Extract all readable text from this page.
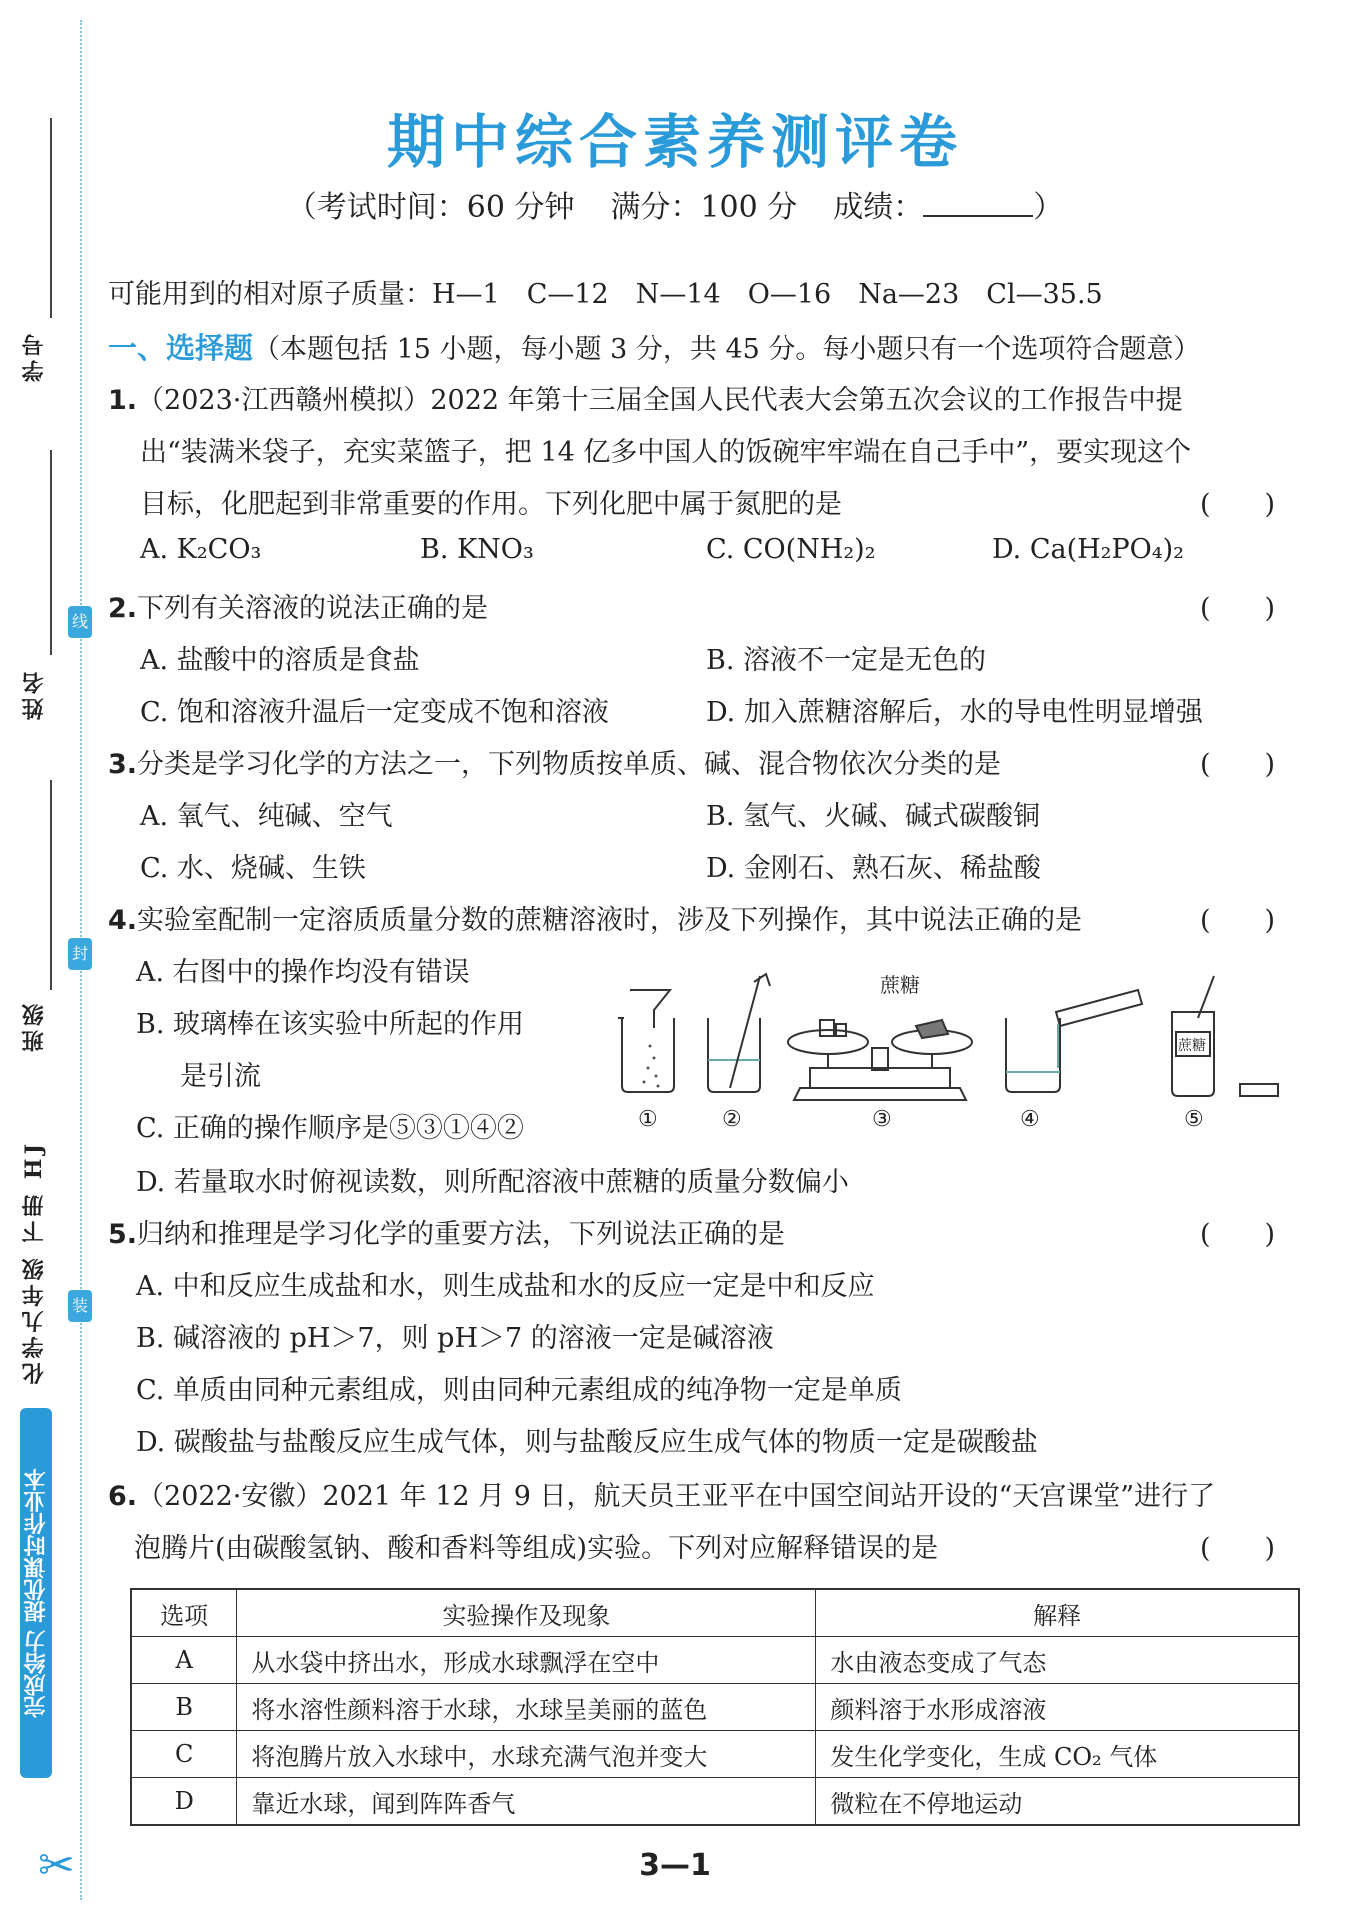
学号
姓名
线
班级
封
化学九年级 下册 HJ 装
完成给力 提优课时作业本
✂
期中综合素养测评卷
（考试时间：60 分钟 满分：100 分 成绩：	）
可能用到的相对原子质量：H—1　C—12　N—14　O—16　Na—23　Cl—35.5
一、选择题（本题包括 15 小题，每小题 3 分，共 45 分。每小题只有一个选项符合题意）
1.（2023·江西赣州模拟）2022 年第十三届全国人民代表大会第五次会议的工作报告中提
出“装满米袋子，充实菜篮子，把 14 亿多中国人的饭碗牢牢端在自己手中”，要实现这个
目标，化肥起到非常重要的作用。下列化肥中属于氮肥的是	(　　)
A. K₂CO₃	B. KNO₃	C. CO(NH₂)₂	D. Ca(H₂PO₄)₂
2.下列有关溶液的说法正确的是	(　　)
A. 盐酸中的溶质是食盐	B. 溶液不一定是无色的
C. 饱和溶液升温后一定变成不饱和溶液	D. 加入蔗糖溶解后，水的导电性明显增强
3.分类是学习化学的方法之一，下列物质按单质、碱、混合物依次分类的是	(　　)
A. 氧气、纯碱、空气	B. 氢气、火碱、碱式碳酸铜
C. 水、烧碱、生铁	D. 金刚石、熟石灰、稀盐酸
4.实验室配制一定溶质质量分数的蔗糖溶液时，涉及下列操作，其中说法正确的是	(　　)
A. 右图中的操作均没有错误
B. 玻璃棒在该实验中所起的作用
是引流
C. 正确的操作顺序是⑤③①④②
D. 若量取水时俯视读数，则所配溶液中蔗糖的质量分数偏小
蔗糖
蔗糖
①	②	③	④	⑤
5.归纳和推理是学习化学的重要方法，下列说法正确的是	(　　)
A. 中和反应生成盐和水，则生成盐和水的反应一定是中和反应
B. 碱溶液的 pH＞7，则 pH＞7 的溶液一定是碱溶液
C. 单质由同种元素组成，则由同种元素组成的纯净物一定是单质
D. 碳酸盐与盐酸反应生成气体，则与盐酸反应生成气体的物质一定是碳酸盐
6.（2022·安徽）2021 年 12 月 9 日，航天员王亚平在中国空间站开设的“天宫课堂”进行了
泡腾片(由碳酸氢钠、酸和香料等组成)实验。下列对应解释错误的是	(　　)
选项	实验操作及现象	解释
A	从水袋中挤出水，形成水球飘浮在空中	水由液态变成了气态
B	将水溶性颜料溶于水球，水球呈美丽的蓝色	颜料溶于水形成溶液
C	将泡腾片放入水球中，水球充满气泡并变大	发生化学变化，生成 CO₂ 气体
D	靠近水球，闻到阵阵香气	微粒在不停地运动
3—1
